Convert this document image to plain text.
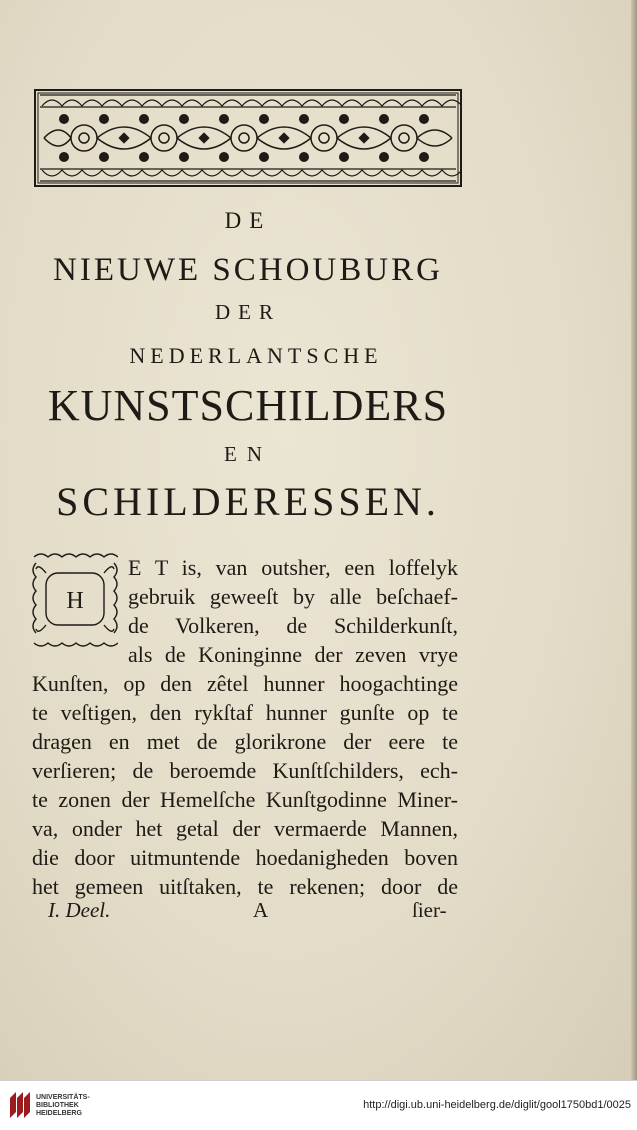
DE
NIEUWE SCHOUBURG
DER
NEDERLANTSCHE
KUNSTSCHILDERS
EN
SCHILDERESSEN.
H
E T is, van outsher, een loffelyk
gebruik geweeſt by alle beſchaef-
de Volkeren, de Schilderkunſt,
als de Koninginne der zeven vrye
Kunſten, op den zêtel hunner hoogachtinge
te veſtigen, den rykſtaf hunner gunſte op te
dragen en met de glorikrone der eere te
verſieren; de beroemde Kunſtſchilders, ech-
te zonen der Hemelſche Kunſtgodinne Miner-
va, onder het getal der vermaerde Mannen,
die door uitmuntende hoedanigheden boven
het gemeen uitſtaken, te rekenen; door de
I. Deel.	A	ſier-
UNIVERSITÄTS-
BIBLIOTHEK
HEIDELBERG
http://digi.ub.uni-heidelberg.de/diglit/gool1750bd1/0025
